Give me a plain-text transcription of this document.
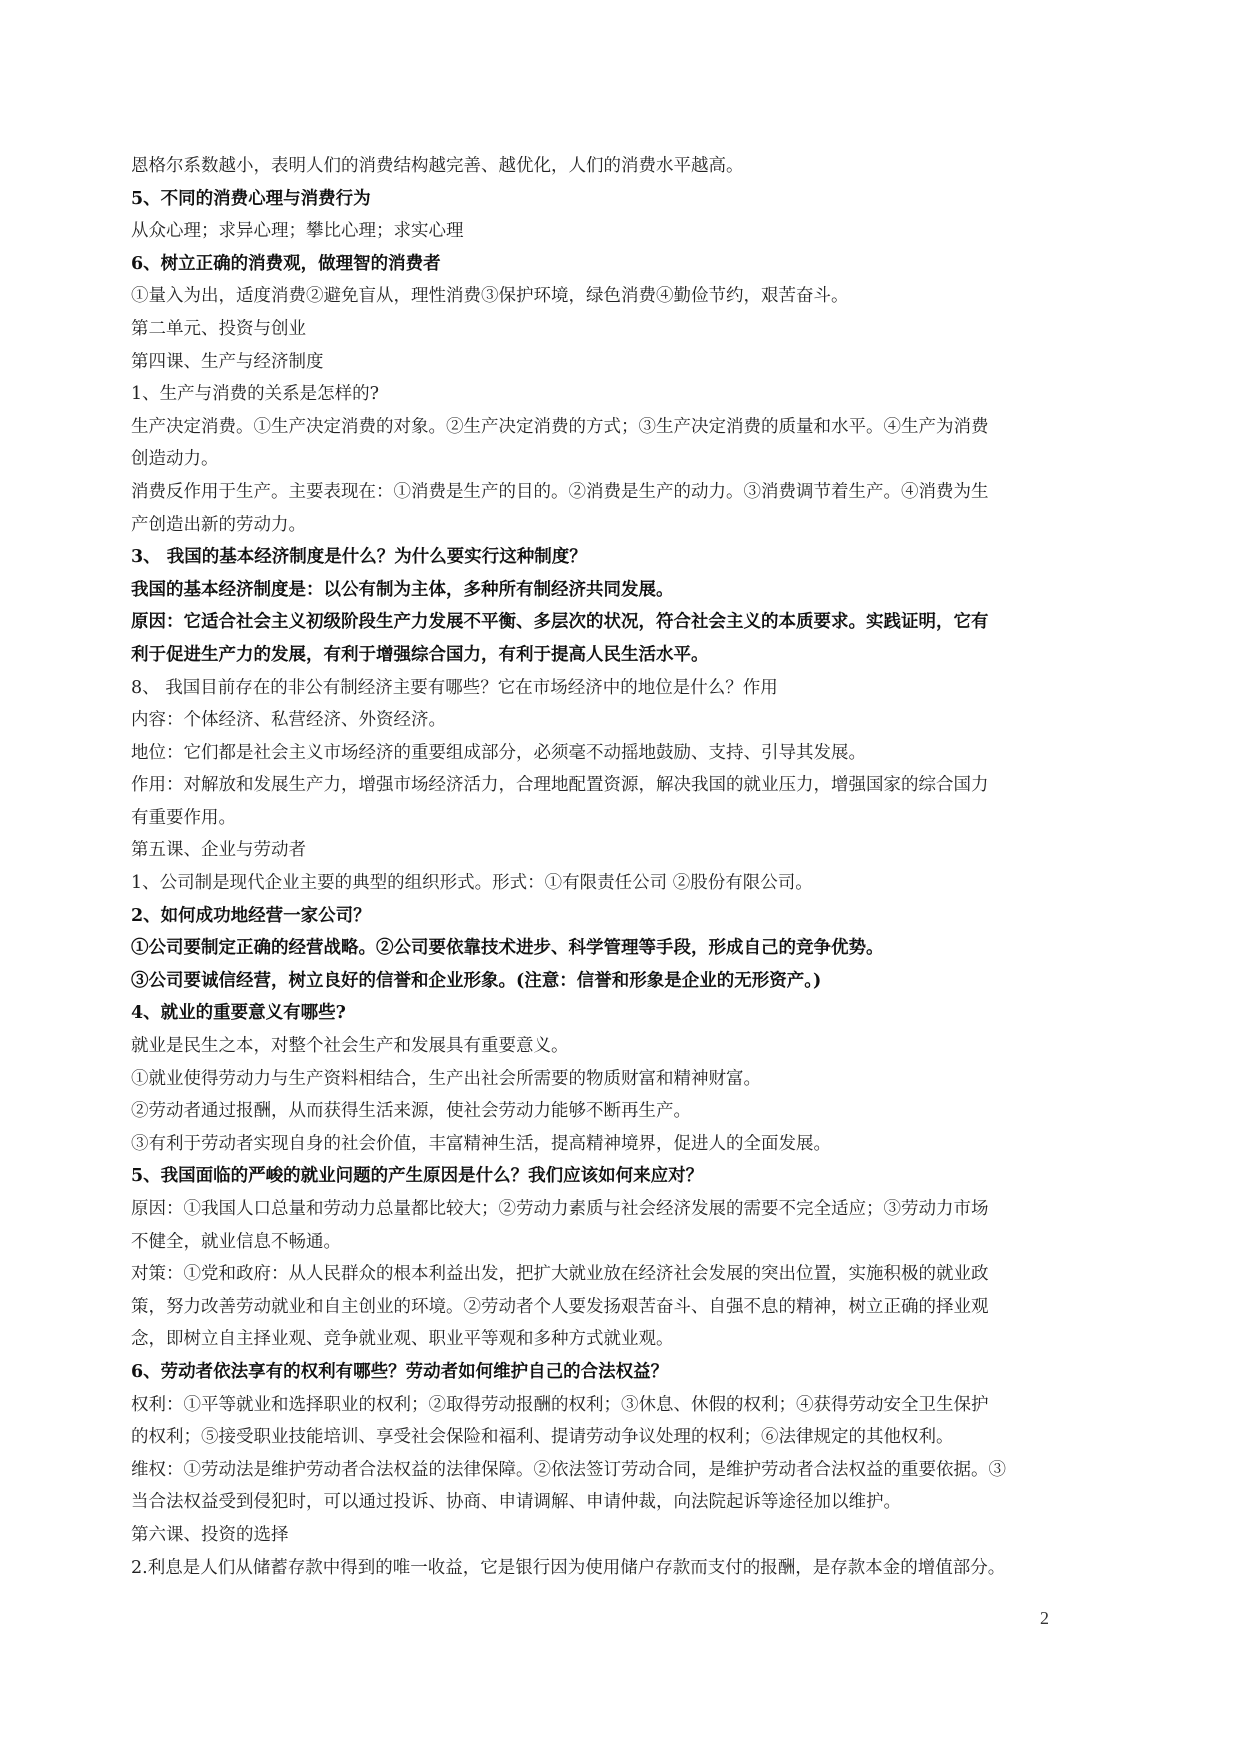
恩格尔系数越小，表明人们的消费结构越完善、越优化，人们的消费水平越高。
5、不同的消费心理与消费行为
从众心理；求异心理；攀比心理；求实心理
6、树立正确的消费观，做理智的消费者
①量入为出，适度消费②避免盲从，理性消费③保护环境，绿色消费④勤俭节约，艰苦奋斗。
第二单元、投资与创业
第四课、生产与经济制度
1、生产与消费的关系是怎样的?
生产决定消费。①生产决定消费的对象。②生产决定消费的方式；③生产决定消费的质量和水平。④生产为消费
创造动力。
消费反作用于生产。主要表现在：①消费是生产的目的。②消费是生产的动力。③消费调节着生产。④消费为生
产创造出新的劳动力。
3、 我国的基本经济制度是什么？为什么要实行这种制度？
我国的基本经济制度是：以公有制为主体，多种所有制经济共同发展。
原因：它适合社会主义初级阶段生产力发展不平衡、多层次的状况，符合社会主义的本质要求。实践证明，它有
利于促进生产力的发展，有利于增强综合国力，有利于提高人民生活水平。
8、 我国目前存在的非公有制经济主要有哪些？它在市场经济中的地位是什么？作用
内容：个体经济、私营经济、外资经济。
地位：它们都是社会主义市场经济的重要组成部分，必须毫不动摇地鼓励、支持、引导其发展。
作用：对解放和发展生产力，增强市场经济活力，合理地配置资源，解决我国的就业压力，增强国家的综合国力
有重要作用。
第五课、企业与劳动者
1、公司制是现代企业主要的典型的组织形式。形式：①有限责任公司 ②股份有限公司。
2、如何成功地经营一家公司？
①公司要制定正确的经营战略。②公司要依靠技术进步、科学管理等手段，形成自己的竞争优势。
③公司要诚信经营，树立良好的信誉和企业形象。(注意：信誉和形象是企业的无形资产。)
4、就业的重要意义有哪些?
就业是民生之本，对整个社会生产和发展具有重要意义。
①就业使得劳动力与生产资料相结合，生产出社会所需要的物质财富和精神财富。
②劳动者通过报酬，从而获得生活来源，使社会劳动力能够不断再生产。
③有利于劳动者实现自身的社会价值，丰富精神生活，提高精神境界，促进人的全面发展。
5、我国面临的严峻的就业问题的产生原因是什么？我们应该如何来应对？
原因：①我国人口总量和劳动力总量都比较大；②劳动力素质与社会经济发展的需要不完全适应；③劳动力市场
不健全，就业信息不畅通。
对策：①党和政府：从人民群众的根本利益出发，把扩大就业放在经济社会发展的突出位置，实施积极的就业政
策，努力改善劳动就业和自主创业的环境。②劳动者个人要发扬艰苦奋斗、自强不息的精神，树立正确的择业观
念，即树立自主择业观、竞争就业观、职业平等观和多种方式就业观。
6、劳动者依法享有的权利有哪些？劳动者如何维护自己的合法权益？
权利：①平等就业和选择职业的权利；②取得劳动报酬的权利；③休息、休假的权利；④获得劳动安全卫生保护
的权利；⑤接受职业技能培训、享受社会保险和福利、提请劳动争议处理的权利；⑥法律规定的其他权利。
维权：①劳动法是维护劳动者合法权益的法律保障。②依法签订劳动合同，是维护劳动者合法权益的重要依据。③
当合法权益受到侵犯时，可以通过投诉、协商、申请调解、申请仲裁，向法院起诉等途径加以维护。
第六课、投资的选择
2.利息是人们从储蓄存款中得到的唯一收益，它是银行因为使用储户存款而支付的报酬，是存款本金的增值部分。
2
